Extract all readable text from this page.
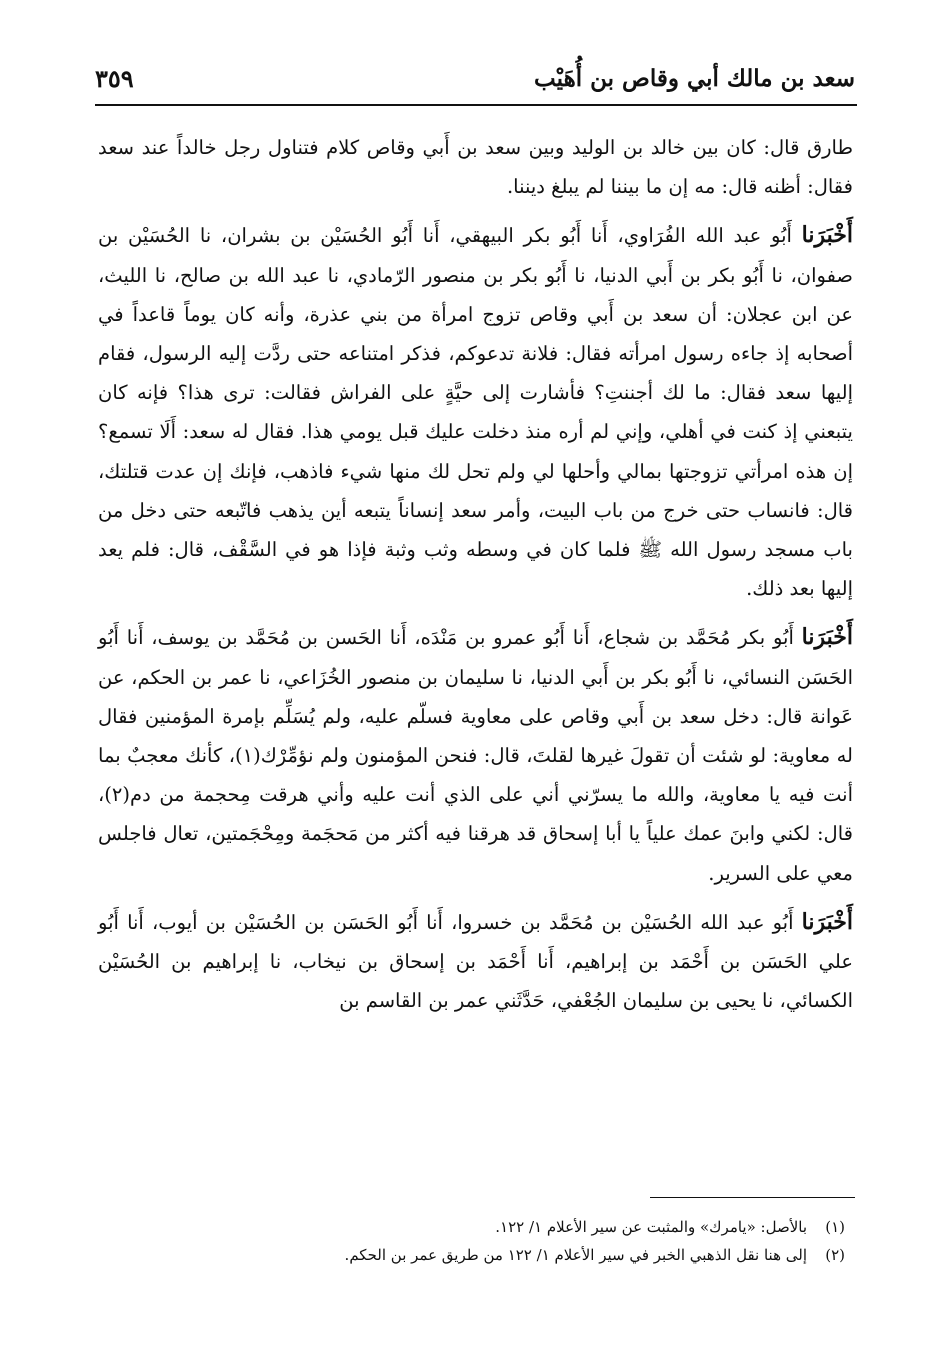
سعد بن مالك أبي وقاص بن أُهَيْب
٣٥٩

طارق قال: كان بين خالد بن الوليد وبين سعد بن أَبي وقاص كلام فتناول رجل خالداً عند سعد فقال: أظنه قال: مه إن ما بيننا لم يبلغ ديننا.

أَخْبَرَنا أَبُو عبد الله الفُرَاوي، أَنا أَبُو بكر البيهقي، أَنا أَبُو الحُسَيْن بن بشران، نا الحُسَيْن بن صفوان، نا أَبُو بكر بن أَبي الدنيا، نا أَبُو بكر بن منصور الرّمادي، نا عبد الله بن صالح، نا الليث، عن ابن عجلان: أن سعد بن أَبي وقاص تزوج امرأة من بني عذرة، وأنه كان يوماً قاعداً في أصحابه إذ جاءه رسول امرأته فقال: فلانة تدعوكم، فذكر امتناعه حتى ردَّت إليه الرسول، فقام إليها سعد فقال: ما لك أجننتِ؟ فأشارت إلى حيَّةٍ على الفراش فقالت: ترى هذا؟ فإنه كان يتبعني إذ كنت في أهلي، وإني لم أره منذ دخلت عليك قبل يومي هذا. فقال له سعد: أَلَا تسمع؟ إن هذه امرأتي تزوجتها بمالي وأحلها لي ولم تحل لك منها شيء فاذهب، فإنك إن عدت قتلتك، قال: فانساب حتى خرج من باب البيت، وأمر سعد إنساناً يتبعه أين يذهب فاتّبعه حتى دخل من باب مسجد رسول الله ﷺ فلما كان في وسطه وثب وثبة فإذا هو في السَّقْف، قال: فلم يعد إليها بعد ذلك.

أَخْبَرَنا أَبُو بكر مُحَمَّد بن شجاع، أَنا أَبُو عمرو بن مَنْدَه، أَنا الحَسن بن مُحَمَّد بن يوسف، أَنا أَبُو الحَسَن النسائي، نا أَبُو بكر بن أَبي الدنيا، نا سليمان بن منصور الخُزَاعي، نا عمر بن الحكم، عن عَوانة قال: دخل سعد بن أَبي وقاص على معاوية فسلّم عليه، ولم يُسَلِّم بإمرة المؤمنين فقال له معاوية: لو شئت أن تقولَ غيرها لقلتَ، قال: فنحن المؤمنون ولم نؤمِّرْك(١)، كأنك معجبٌ بما أنت فيه يا معاوية، والله ما يسرّني أني على الذي أنت عليه وأني هرقت مِحجمة من دم(٢)، قال: لكني وابنَ عمك علياً يا أبا إسحاق قد هرقنا فيه أكثر من مَحجَمة ومِحْجَمتين، تعال فاجلس معي على السرير.

أَخْبَرَنا أَبُو عبد الله الحُسَيْن بن مُحَمَّد بن خسروا، أَنا أَبُو الحَسَن بن الحُسَيْن بن أيوب، أَنا أَبُو علي الحَسَن بن أَحْمَد بن إبراهيم، أَنا أَحْمَد بن إسحاق بن نيخاب، نا إبراهيم بن الحُسَيْن الكسائي، نا يحيى بن سليمان الجُعْفي، حَدَّثَني عمر بن القاسم بن

(١)
بالأصل: «يامرك» والمثبت عن سير الأعلام ١/ ١٢٢.
(٢)
إلى هنا نقل الذهبي الخبر في سير الأعلام ١/ ١٢٢ من طريق عمر بن الحكم.
